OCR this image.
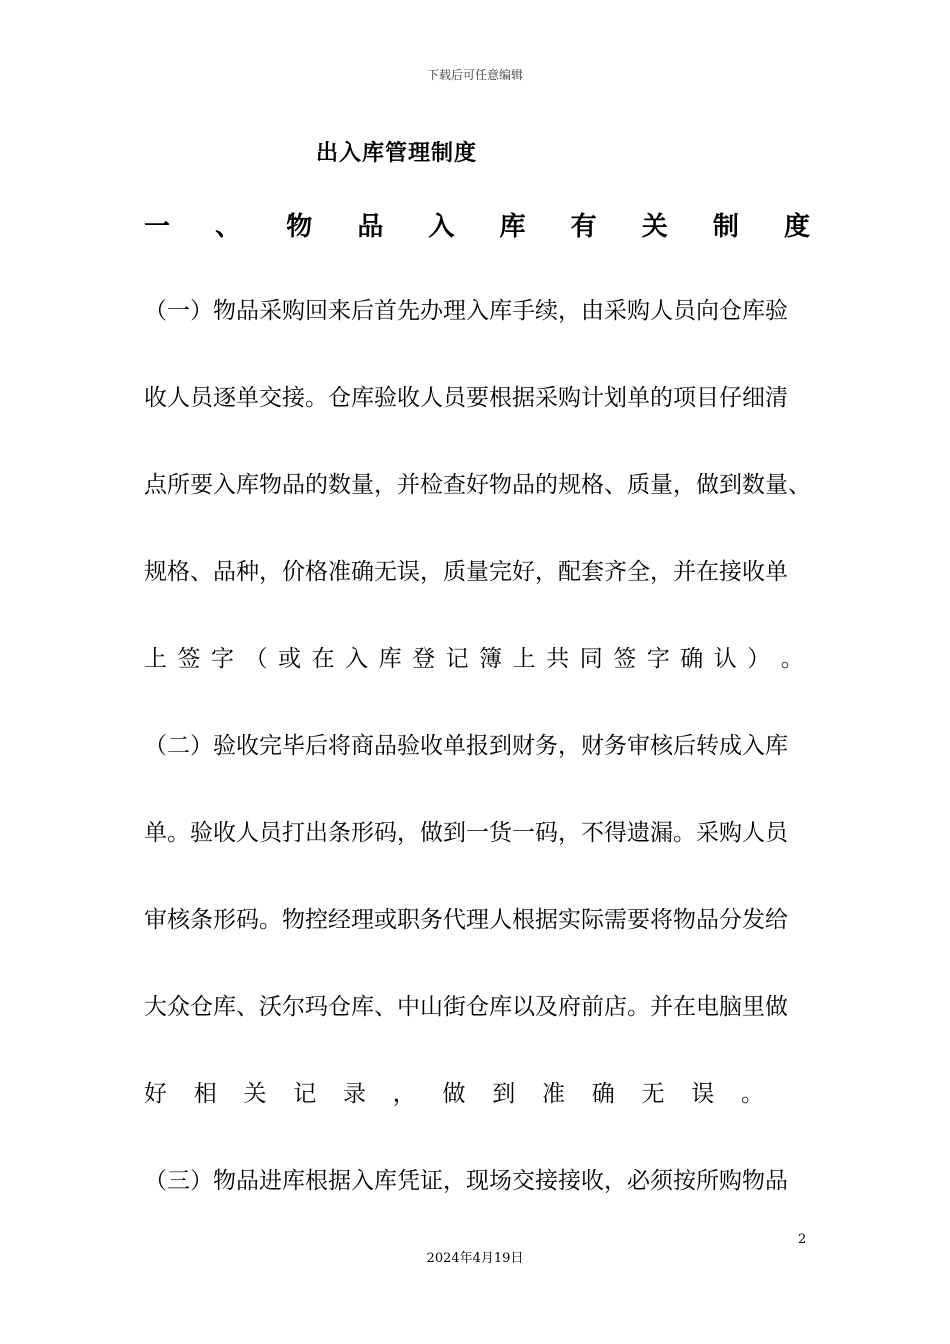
下载后可任意编辑
出入库管理制度
一 、 物 品 入 库 有 关 制 度
（一）物品采购回来后首先办理入库手续，由采购人员向仓库验
收人员逐单交接。仓库验收人员要根据采购计划单的项目仔细清
点所要入库物品的数量，并检查好物品的规格、质量，做到数量、
规格、品种，价格准确无误，质量完好，配套齐全，并在接收单
上 签 字 （ 或 在 入 库 登 记 簿 上 共 同 签 字 确 认 ） 。
（二）验收完毕后将商品验收单报到财务，财务审核后转成入库
单。验收人员打出条形码，做到一货一码，不得遗漏。采购人员
审核条形码。物控经理或职务代理人根据实际需要将物品分发给
大众仓库、沃尔玛仓库、中山街仓库以及府前店。并在电脑里做
好 相 关 记 录 ， 做 到 准 确 无 误 。
（三）物品进库根据入库凭证，现场交接接收，必须按所购物品
2
2024年4月19日
